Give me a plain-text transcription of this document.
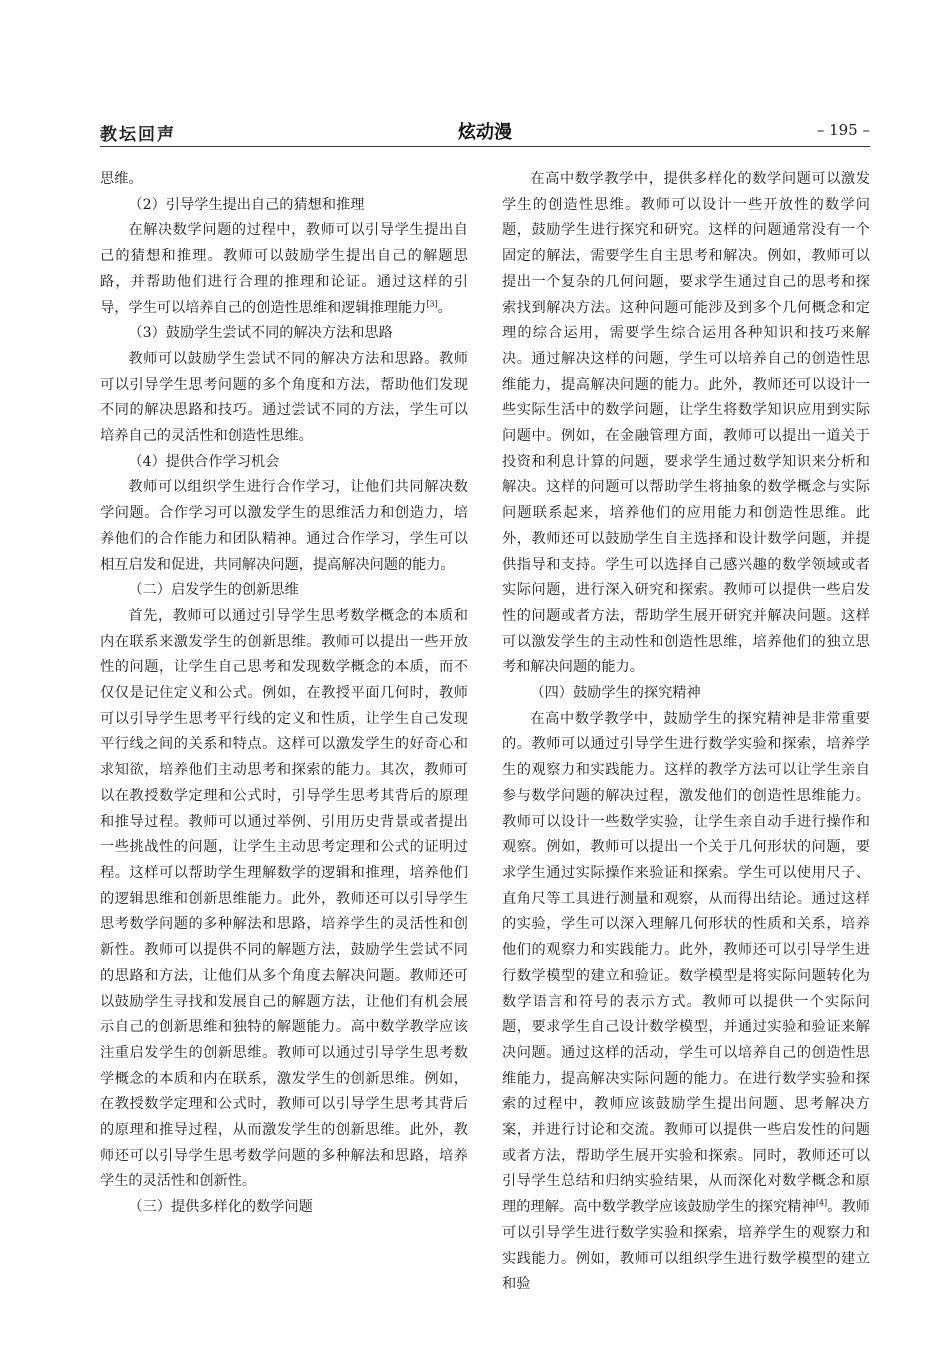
教坛回声	炫动漫	– 195 –

思维。

（2）引导学生提出自己的猜想和推理

在解决数学问题的过程中，教师可以引导学生提出自己的猜想和推理。教师可以鼓励学生提出自己的解题思路，并帮助他们进行合理的推理和论证。通过这样的引导，学生可以培养自己的创造性思维和逻辑推理能力[3]。

（3）鼓励学生尝试不同的解决方法和思路

教师可以鼓励学生尝试不同的解决方法和思路。教师可以引导学生思考问题的多个角度和方法，帮助他们发现不同的解决思路和技巧。通过尝试不同的方法，学生可以培养自己的灵活性和创造性思维。

（4）提供合作学习机会

教师可以组织学生进行合作学习，让他们共同解决数学问题。合作学习可以激发学生的思维活力和创造力，培养他们的合作能力和团队精神。通过合作学习，学生可以相互启发和促进，共同解决问题，提高解决问题的能力。

（二）启发学生的创新思维

首先，教师可以通过引导学生思考数学概念的本质和内在联系来激发学生的创新思维。教师可以提出一些开放性的问题，让学生自己思考和发现数学概念的本质，而不仅仅是记住定义和公式。例如，在教授平面几何时，教师可以引导学生思考平行线的定义和性质，让学生自己发现平行线之间的关系和特点。这样可以激发学生的好奇心和求知欲，培养他们主动思考和探索的能力。其次，教师可以在教授数学定理和公式时，引导学生思考其背后的原理和推导过程。教师可以通过举例、引用历史背景或者提出一些挑战性的问题，让学生主动思考定理和公式的证明过程。这样可以帮助学生理解数学的逻辑和推理，培养他们的逻辑思维和创新思维能力。此外，教师还可以引导学生思考数学问题的多种解法和思路，培养学生的灵活性和创新性。教师可以提供不同的解题方法，鼓励学生尝试不同的思路和方法，让他们从多个角度去解决问题。教师还可以鼓励学生寻找和发展自己的解题方法，让他们有机会展示自己的创新思维和独特的解题能力。高中数学教学应该注重启发学生的创新思维。教师可以通过引导学生思考数学概念的本质和内在联系，激发学生的创新思维。例如，在教授数学定理和公式时，教师可以引导学生思考其背后的原理和推导过程，从而激发学生的创新思维。此外，教师还可以引导学生思考数学问题的多种解法和思路，培养学生的灵活性和创新性。

（三）提供多样化的数学问题

在高中数学教学中，提供多样化的数学问题可以激发学生的创造性思维。教师可以设计一些开放性的数学问题，鼓励学生进行探究和研究。这样的问题通常没有一个固定的解法，需要学生自主思考和解决。例如，教师可以提出一个复杂的几何问题，要求学生通过自己的思考和探索找到解决方法。这种问题可能涉及到多个几何概念和定理的综合运用，需要学生综合运用各种知识和技巧来解决。通过解决这样的问题，学生可以培养自己的创造性思维能力，提高解决问题的能力。此外，教师还可以设计一些实际生活中的数学问题，让学生将数学知识应用到实际问题中。例如，在金融管理方面，教师可以提出一道关于投资和利息计算的问题，要求学生通过数学知识来分析和解决。这样的问题可以帮助学生将抽象的数学概念与实际问题联系起来，培养他们的应用能力和创造性思维。此外，教师还可以鼓励学生自主选择和设计数学问题，并提供指导和支持。学生可以选择自己感兴趣的数学领域或者实际问题，进行深入研究和探索。教师可以提供一些启发性的问题或者方法，帮助学生展开研究并解决问题。这样可以激发学生的主动性和创造性思维，培养他们的独立思考和解决问题的能力。

（四）鼓励学生的探究精神

在高中数学教学中，鼓励学生的探究精神是非常重要的。教师可以通过引导学生进行数学实验和探索，培养学生的观察力和实践能力。这样的教学方法可以让学生亲自参与数学问题的解决过程，激发他们的创造性思维能力。教师可以设计一些数学实验，让学生亲自动手进行操作和观察。例如，教师可以提出一个关于几何形状的问题，要求学生通过实际操作来验证和探索。学生可以使用尺子、直角尺等工具进行测量和观察，从而得出结论。通过这样的实验，学生可以深入理解几何形状的性质和关系，培养他们的观察力和实践能力。此外，教师还可以引导学生进行数学模型的建立和验证。数学模型是将实际问题转化为数学语言和符号的表示方式。教师可以提供一个实际问题，要求学生自己设计数学模型，并通过实验和验证来解决问题。通过这样的活动，学生可以培养自己的创造性思维能力，提高解决实际问题的能力。在进行数学实验和探索的过程中，教师应该鼓励学生提出问题、思考解决方案，并进行讨论和交流。教师可以提供一些启发性的问题或者方法，帮助学生展开实验和探索。同时，教师还可以引导学生总结和归纳实验结果，从而深化对数学概念和原理的理解。高中数学教学应该鼓励学生的探究精神[4]。教师可以引导学生进行数学实验和探索，培养学生的观察力和实践能力。例如，教师可以组织学生进行数学模型的建立和验
